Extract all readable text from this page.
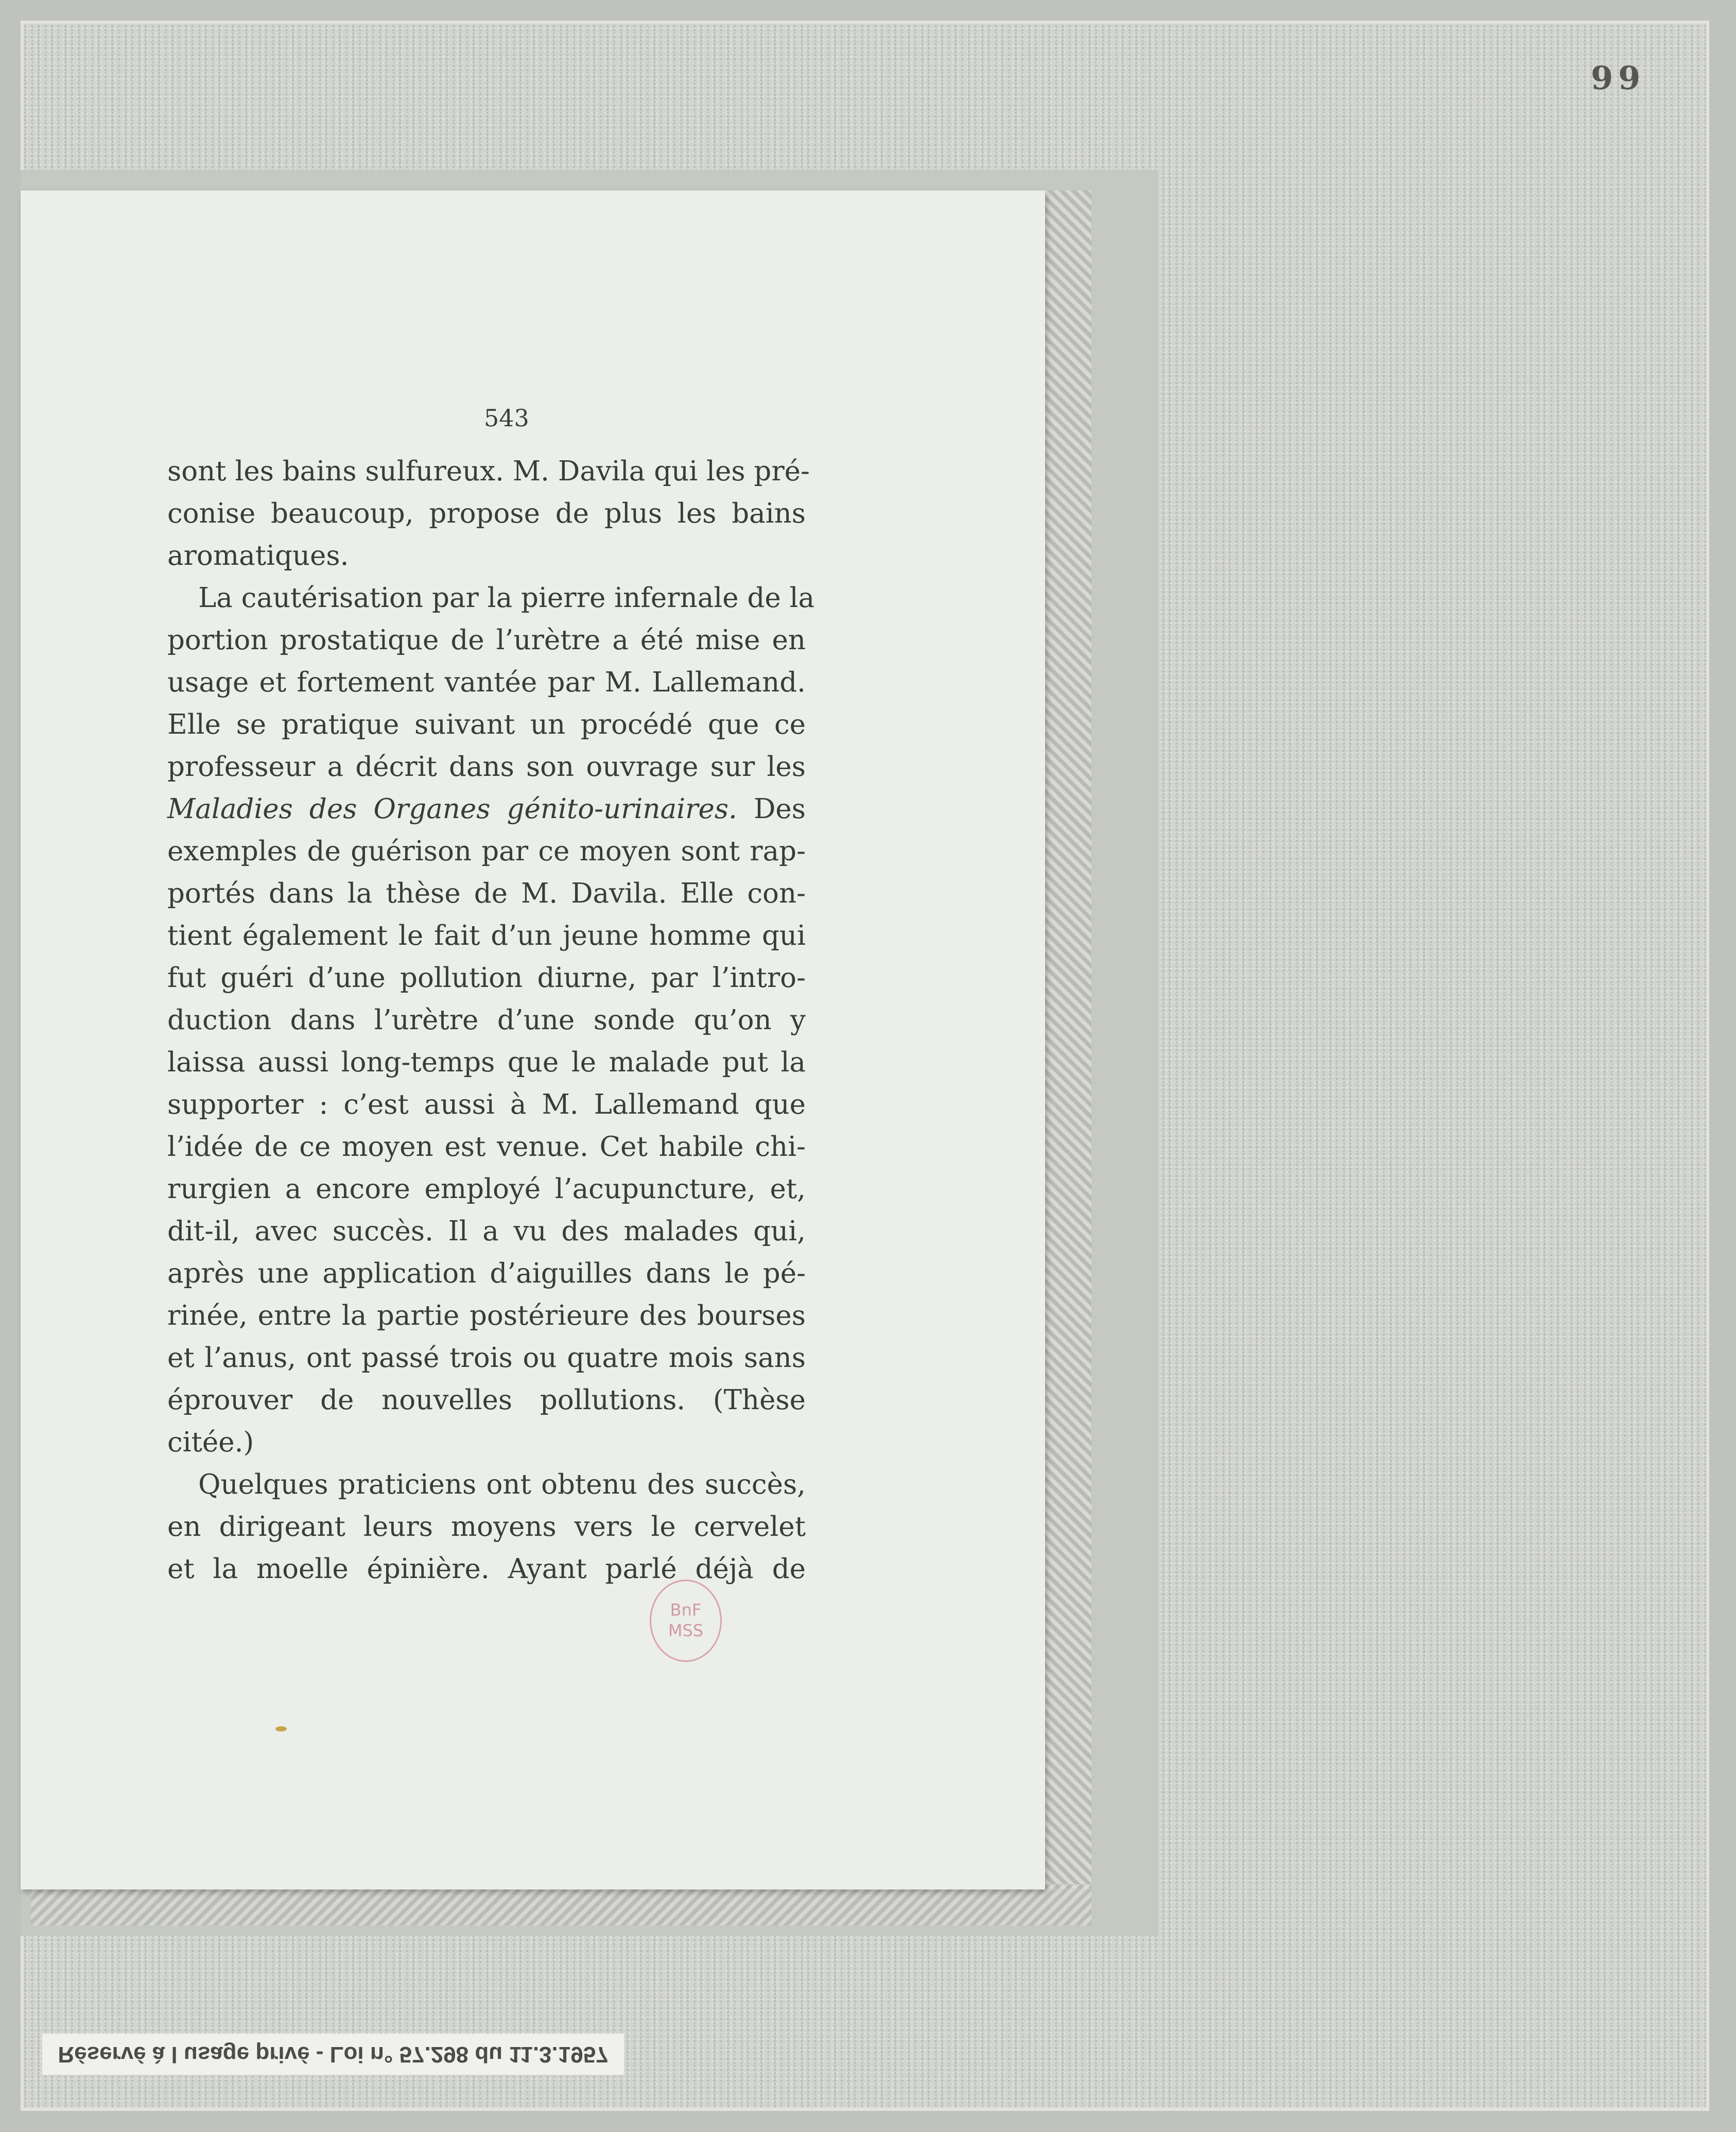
99
543
sont les bains sulfureux. M. Davila qui les pré-
conise beaucoup, propose de plus les bains
aromatiques.
La cautérisation par la pierre infernale de la
portion prostatique de l’urètre a été mise en
usage et fortement vantée par M. Lallemand.
Elle se pratique suivant un procédé que ce
professeur a décrit dans son ouvrage sur les
Maladies des Organes génito-urinaires. Des
exemples de guérison par ce moyen sont rap-
portés dans la thèse de M. Davila. Elle con-
tient également le fait d’un jeune homme qui
fut guéri d’une pollution diurne, par l’intro-
duction dans l’urètre d’une sonde qu’on y
laissa aussi long-temps que le malade put la
supporter : c’est aussi à M. Lallemand que
l’idée de ce moyen est venue. Cet habile chi-
rurgien a encore employé l’acupuncture, et,
dit-il, avec succès. Il a vu des malades qui,
après une application d’aiguilles dans le pé-
rinée, entre la partie postérieure des bourses
et l’anus, ont passé trois ou quatre mois sans
éprouver de nouvelles pollutions. (Thèse
citée.)
Quelques praticiens ont obtenu des succès,
en dirigeant leurs moyens vers le cervelet
et la moelle épinière. Ayant parlé déjà de
BnF
MSS
Réservé à l usage privé - Loi n° 57.298 du 11.3.1957
